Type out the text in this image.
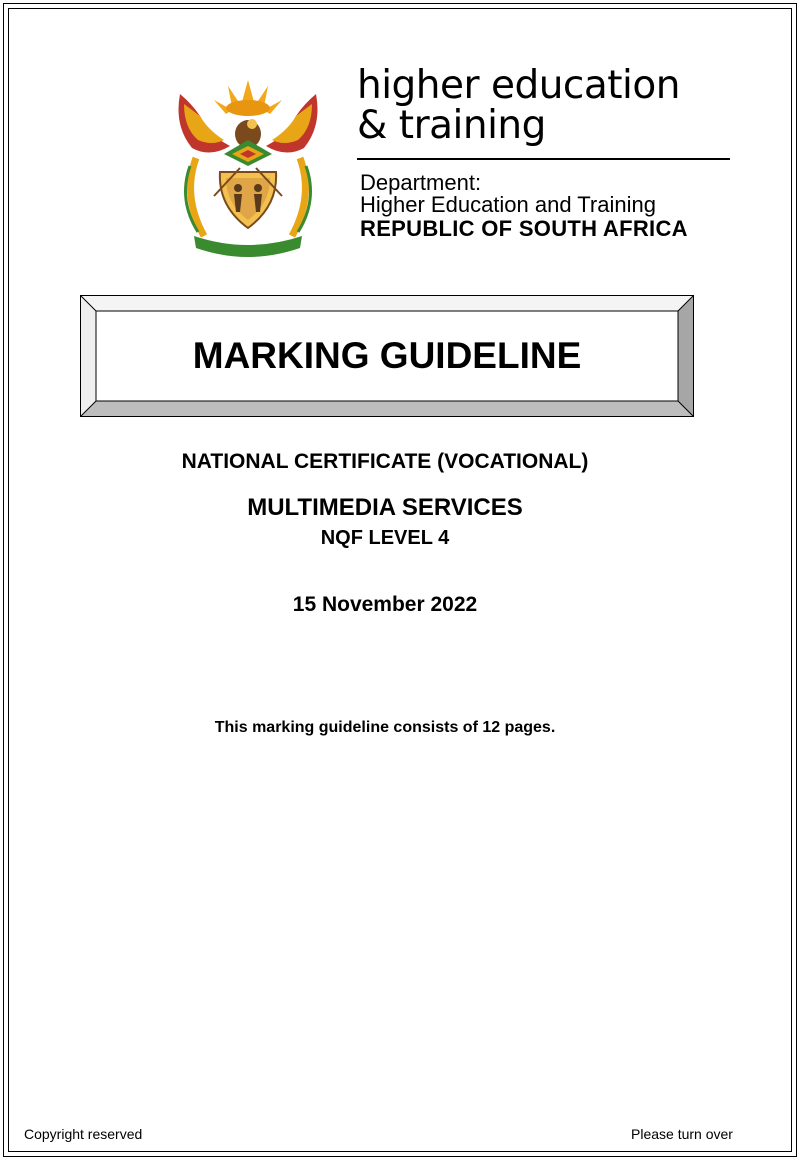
higher education
& training
Department:
Higher Education and Training
REPUBLIC OF SOUTH AFRICA
MARKING GUIDELINE
NATIONAL CERTIFICATE (VOCATIONAL)
MULTIMEDIA SERVICES
NQF LEVEL 4
15 November 2022
This marking guideline consists of 12 pages.
Copyright reserved	Please turn over
